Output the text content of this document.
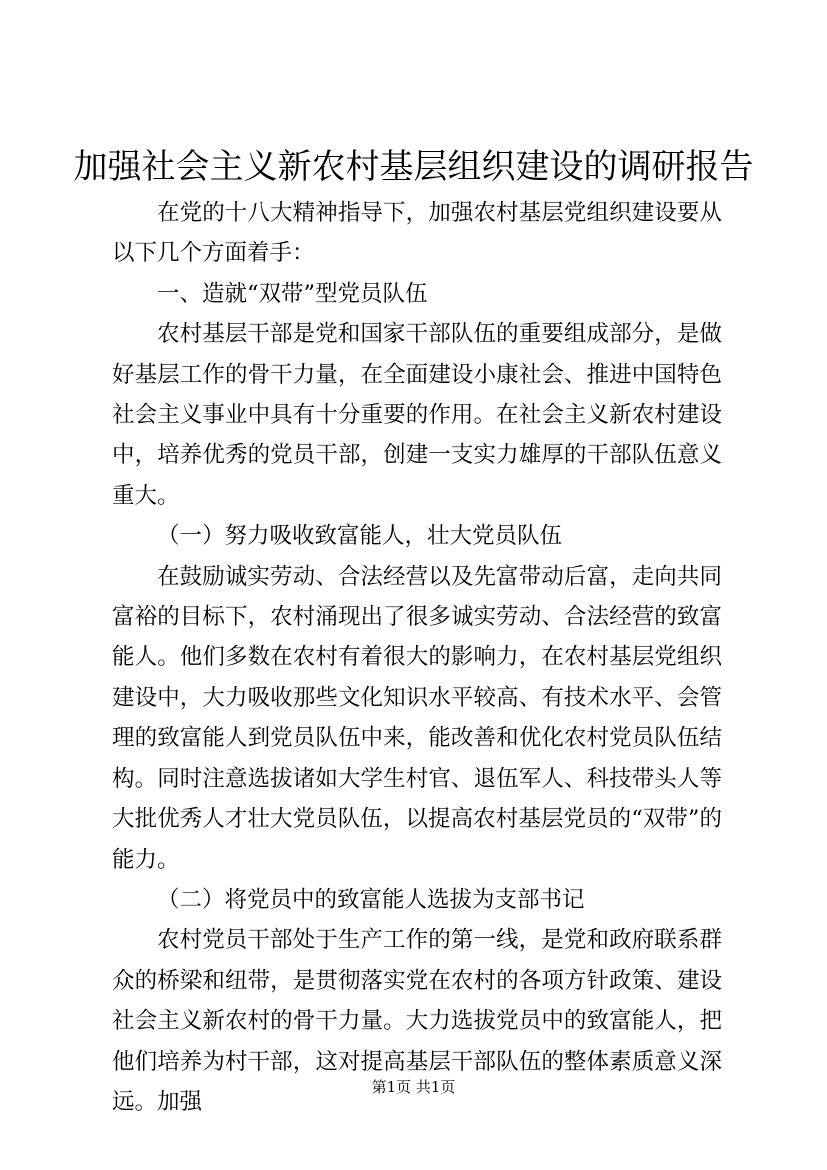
加强社会主义新农村基层组织建设的调研报告

在党的十八大精神指导下，加强农村基层党组织建设要从以下几个方面着手：

一、造就“双带”型党员队伍

农村基层干部是党和国家干部队伍的重要组成部分，是做好基层工作的骨干力量，在全面建设小康社会、推进中国特色社会主义事业中具有十分重要的作用。在社会主义新农村建设中，培养优秀的党员干部，创建一支实力雄厚的干部队伍意义重大。

（一）努力吸收致富能人，壮大党员队伍

在鼓励诚实劳动、合法经营以及先富带动后富，走向共同富裕的目标下，农村涌现出了很多诚实劳动、合法经营的致富能人。他们多数在农村有着很大的影响力，在农村基层党组织建设中，大力吸收那些文化知识水平较高、有技术水平、会管理的致富能人到党员队伍中来，能改善和优化农村党员队伍结构。同时注意选拔诸如大学生村官、退伍军人、科技带头人等大批优秀人才壮大党员队伍，以提高农村基层党员的“双带”的能力。

（二）将党员中的致富能人选拔为支部书记

农村党员干部处于生产工作的第一线，是党和政府联系群众的桥梁和纽带，是贯彻落实党在农村的各项方针政策、建设社会主义新农村的骨干力量。大力选拔党员中的致富能人，把他们培养为村干部，这对提高基层干部队伍的整体素质意义深远。加强

第1页 共1页
